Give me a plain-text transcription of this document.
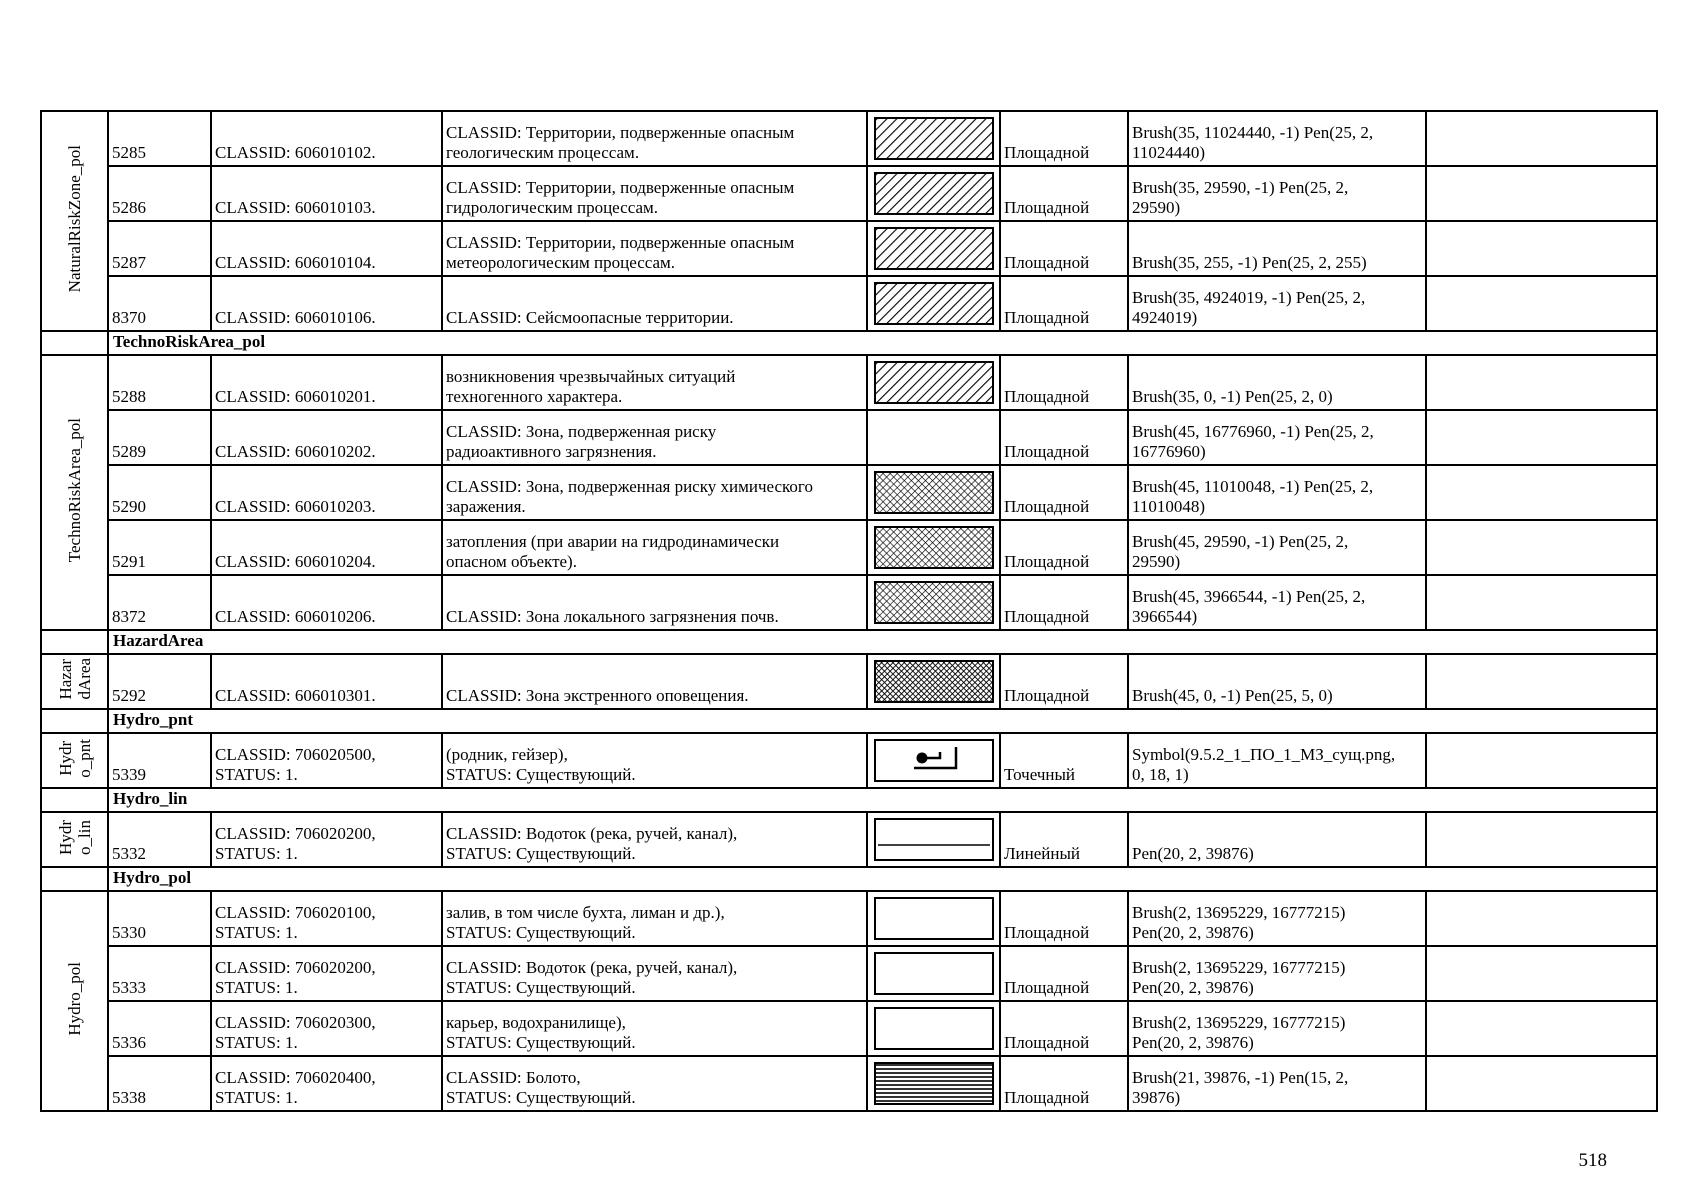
NaturalRiskZone_pol	5285	CLASSID: 606010102.	CLASSID: Территории, подверженные опасным
геологическим процессам.		Площадной	Brush(35, 11024440, -1) Pen(25, 2,
11024440)	

	5286	CLASSID: 606010103.	CLASSID: Территории, подверженные опасным
гидрологическим процессам.		Площадной	Brush(35, 29590, -1) Pen(25, 2,
29590)	

	5287	CLASSID: 606010104.	CLASSID: Территории, подверженные опасным
метеорологическим процессам.		Площадной	Brush(35, 255, -1) Pen(25, 2, 255)	

	8370	CLASSID: 606010106.	CLASSID: Сейсмоопасные территории.		Площадной	Brush(35, 4924019, -1) Pen(25, 2,
4924019)	

	TechnoRiskArea_pol						
TechnoRiskArea_pol	5288	CLASSID: 606010201.	возникновения чрезвычайных ситуаций
техногенного характера.		Площадной	Brush(35, 0, -1) Pen(25, 2, 0)	

	5289	CLASSID: 606010202.	CLASSID: Зона, подверженная риску
радиоактивного загрязнения.		Площадной	Brush(45, 16776960, -1) Pen(25, 2,
16776960)	

	5290	CLASSID: 606010203.	CLASSID: Зона, подверженная риску химического
заражения.		Площадной	Brush(45, 11010048, -1) Pen(25, 2,
11010048)	

	5291	CLASSID: 606010204.	затопления (при аварии на гидродинамически
опасном объекте).		Площадной	Brush(45, 29590, -1) Pen(25, 2,
29590)	

	8372	CLASSID: 606010206.	CLASSID: Зона локального загрязнения почв.		Площадной	Brush(45, 3966544, -1) Pen(25, 2,
3966544)	

	HazardArea						
Hazar
dArea	5292	CLASSID: 606010301.	CLASSID: Зона экстренного оповещения.		Площадной	Brush(45, 0, -1) Pen(25, 5, 0)	

	Hydro_pnt						
Hydr
o_pnt	5339	CLASSID: 706020500,
STATUS: 1.	(родник, гейзер),
STATUS: Существующий.		Точечный	Symbol(9.5.2_1_ПО_1_МЗ_сущ.png,
0, 18, 1)	

	Hydro_lin						
Hydr
o_lin	5332	CLASSID: 706020200,
STATUS: 1.	CLASSID: Водоток (река, ручей, канал),
STATUS: Существующий.		Линейный	Pen(20, 2, 39876)	

	Hydro_pol						
Hydro_pol	5330	CLASSID: 706020100,
STATUS: 1.	залив, в том числе бухта, лиман и др.),
STATUS: Существующий.		Площадной	Brush(2, 13695229, 16777215)
Pen(20, 2, 39876)	

	5333	CLASSID: 706020200,
STATUS: 1.	CLASSID: Водоток (река, ручей, канал),
STATUS: Существующий.		Площадной	Brush(2, 13695229, 16777215)
Pen(20, 2, 39876)	

	5336	CLASSID: 706020300,
STATUS: 1.	карьер, водохранилище),
STATUS: Существующий.		Площадной	Brush(2, 13695229, 16777215)
Pen(20, 2, 39876)	

	5338	CLASSID: 706020400,
STATUS: 1.	CLASSID: Болото,
STATUS: Существующий.		Площадной	Brush(21, 39876, -1) Pen(15, 2,
39876)	

518
